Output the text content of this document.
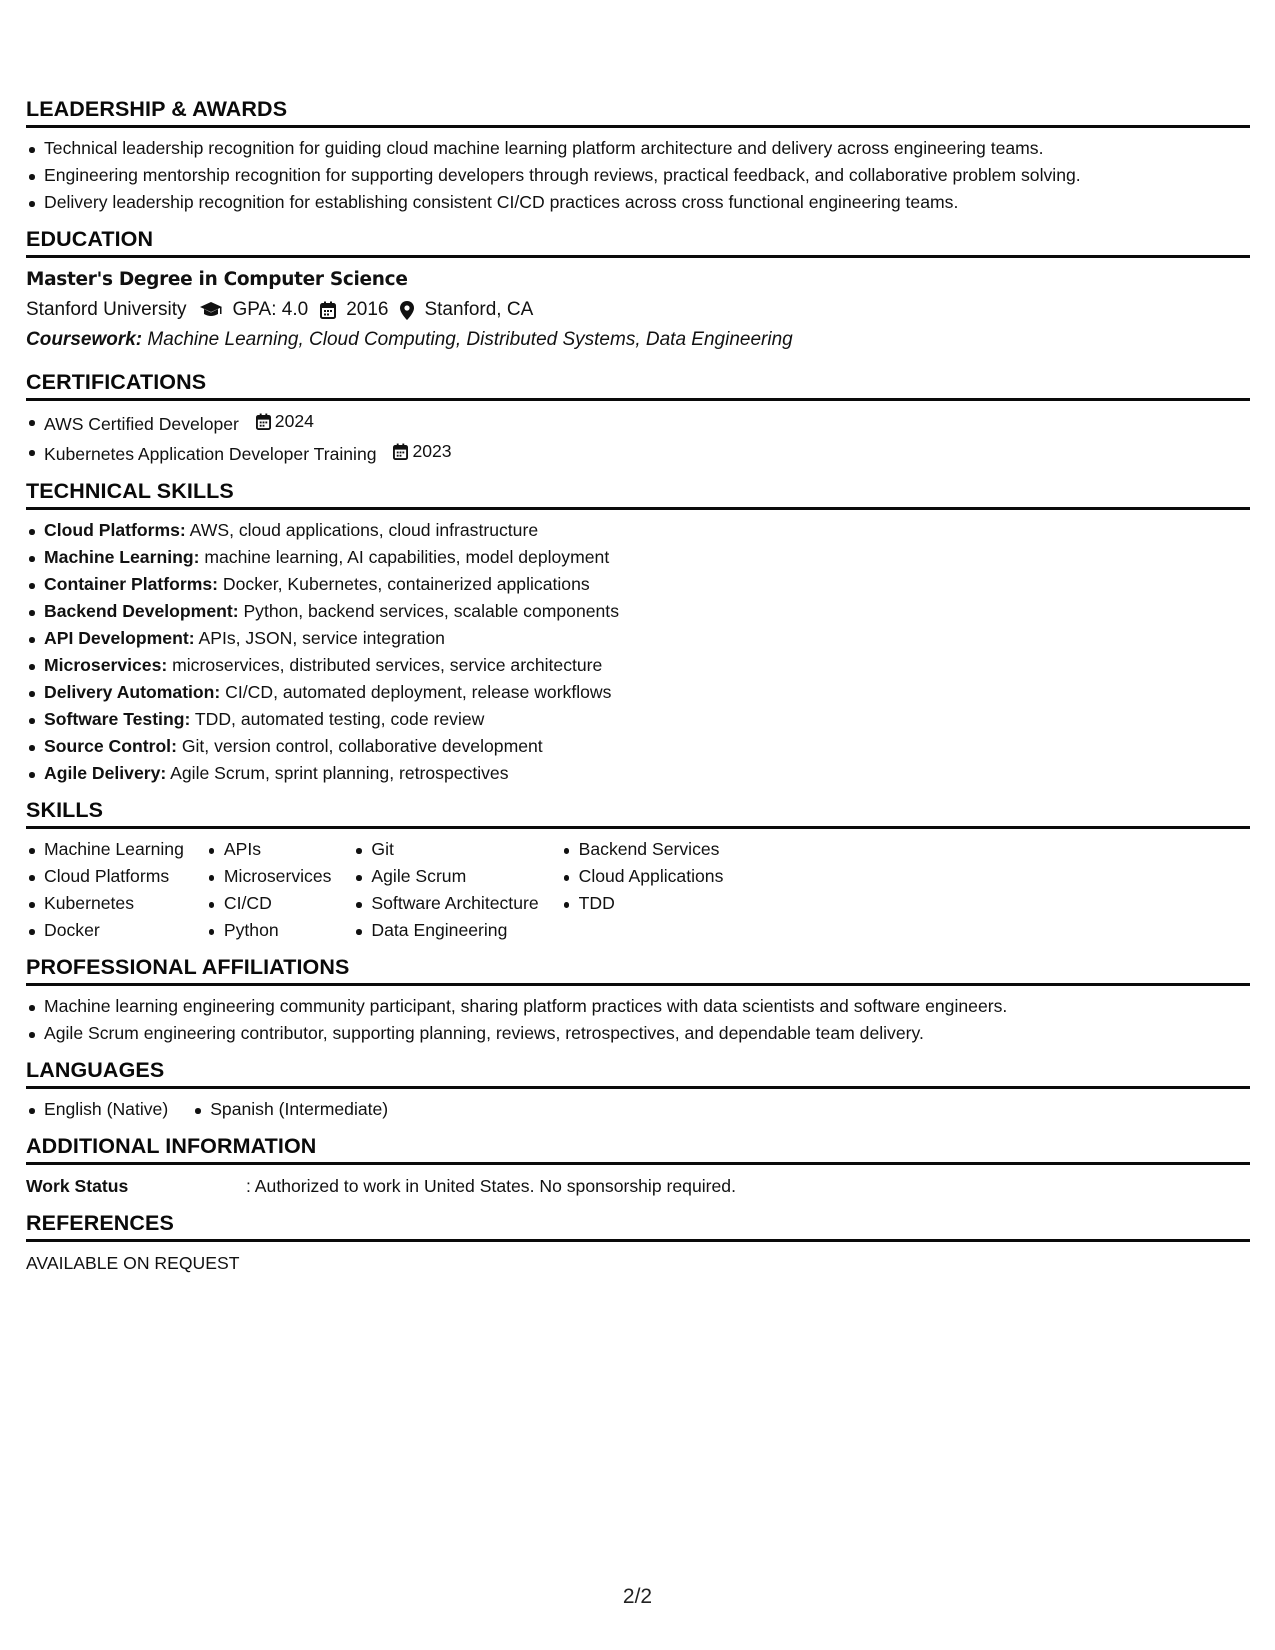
LEADERSHIP & AWARDS
Technical leadership recognition for guiding cloud machine learning platform architecture and delivery across engineering teams.
Engineering mentorship recognition for supporting developers through reviews, practical feedback, and collaborative problem solving.
Delivery leadership recognition for establishing consistent CI/CD practices across cross functional engineering teams.
EDUCATION
Master's Degree in Computer Science
Stanford University GPA: 4.0 2016 Stanford, CA
Coursework: Machine Learning, Cloud Computing, Distributed Systems, Data Engineering
CERTIFICATIONS
AWS Certified Developer 2024
Kubernetes Application Developer Training 2023
TECHNICAL SKILLS
Cloud Platforms: AWS, cloud applications, cloud infrastructure
Machine Learning: machine learning, AI capabilities, model deployment
Container Platforms: Docker, Kubernetes, containerized applications
Backend Development: Python, backend services, scalable components
API Development: APIs, JSON, service integration
Microservices: microservices, distributed services, service architecture
Delivery Automation: CI/CD, automated deployment, release workflows
Software Testing: TDD, automated testing, code review
Source Control: Git, version control, collaborative development
Agile Delivery: Agile Scrum, sprint planning, retrospectives
SKILLS
Machine Learning
Cloud Platforms
Kubernetes
Docker
APIs
Microservices
CI/CD
Python
Git
Agile Scrum
Software Architecture
Data Engineering
Backend Services
Cloud Applications
TDD
PROFESSIONAL AFFILIATIONS
Machine learning engineering community participant, sharing platform practices with data scientists and software engineers.
Agile Scrum engineering contributor, supporting planning, reviews, retrospectives, and dependable team delivery.
LANGUAGES
English (Native)	Spanish (Intermediate)
ADDITIONAL INFORMATION
Work Status	: Authorized to work in United States. No sponsorship required.
REFERENCES
AVAILABLE ON REQUEST
2/2
